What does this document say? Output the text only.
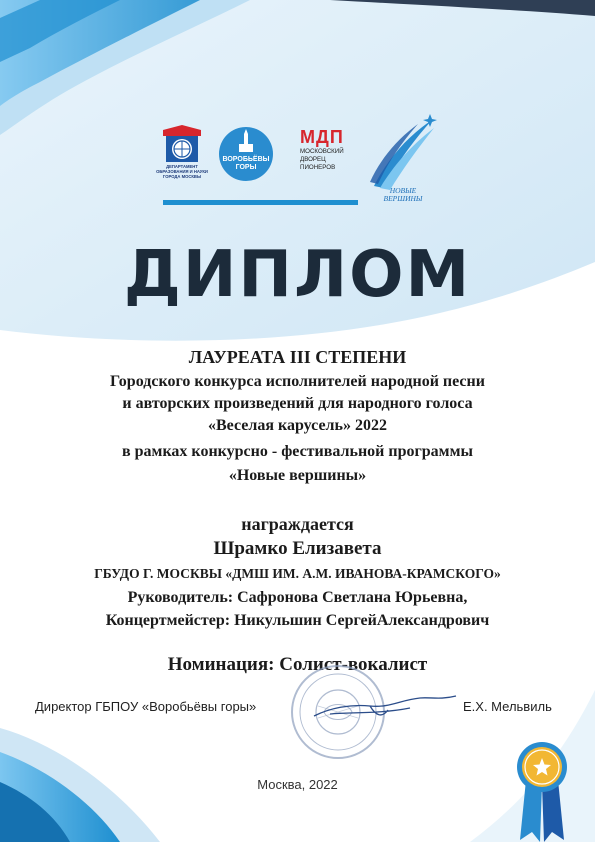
ДЕПАРТАМЕНТ ОБРАЗОВАНИЯ И НАУКИ ГОРОДА МОСКВЫ
ВОРОБЬЁВЫ ГОРЫ
МДП
МОСКОВСКИЙ
ДВОРЕЦ
ПИОНЕРОВ
НОВЫЕ
ВЕРШИНЫ
ДИПЛОМ
ЛАУРЕАТА III СТЕПЕНИ
Городского конкурса исполнителей народной песни
и авторских произведений для народного голоса
«Веселая карусель» 2022
в рамках конкурсно - фестивальной программы
«Новые вершины»
награждается
Шрамко Елизавета
ГБУДО Г. МОСКВЫ «ДМШ ИМ. А.М. ИВАНОВА-КРАМСКОГО»
Руководитель: Сафронова Светлана Юрьевна,
Концертмейстер: Никульшин СергейАлександрович
Номинация: Солист-вокалист
Директор ГБПОУ «Воробьёвы горы»	Е.Х. Мельвиль
Москва, 2022
